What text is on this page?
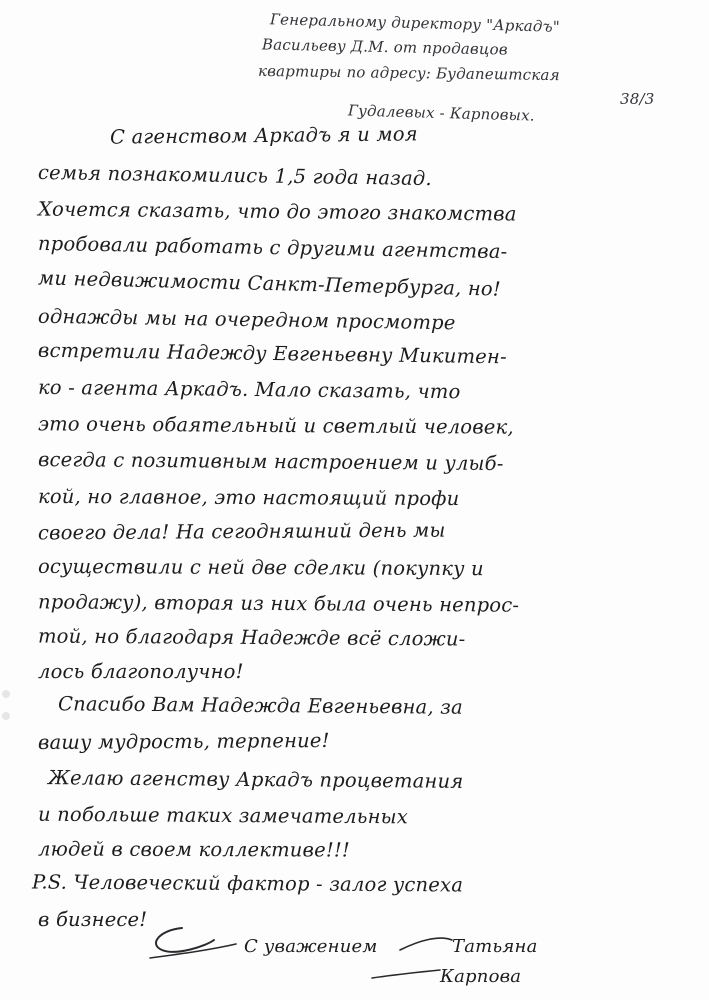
Генеральному директору "Аркадъ"
Васильеву Д.М. от продавцов
квартиры по адресу: Будапештская
38/3
Гудалевых - Карповых.
С агенством Аркадъ я и моя
семья познакомились 1,5 года назад.
Хочется сказать, что до этого знакомства
пробовали работать с другими агентства-
ми недвижимости Санкт-Петербурга, но!
однажды мы на очередном просмотре
встретили Надежду Евгеньевну Микитен-
ко - агента Аркадъ. Мало сказать, что
это очень обаятельный и светлый человек,
всегда с позитивным настроением и улыб-
кой, но главное, это настоящий профи
своего дела! На сегодняшний день мы
осуществили с ней две сделки (покупку и
продажу), вторая из них была очень непрос-
той, но благодаря Надежде всё сложи-
лось благополучно!
Спасибо Вам Надежда Евгеньевна, за
вашу мудрость, терпение!
Желаю агенству Аркадъ процветания
и побольше таких замечательных
людей в своем коллективе!!!
P.S. Человеческий фактор - залог успеха
в бизнесе!
С уважением	Татьяна
Карпова
